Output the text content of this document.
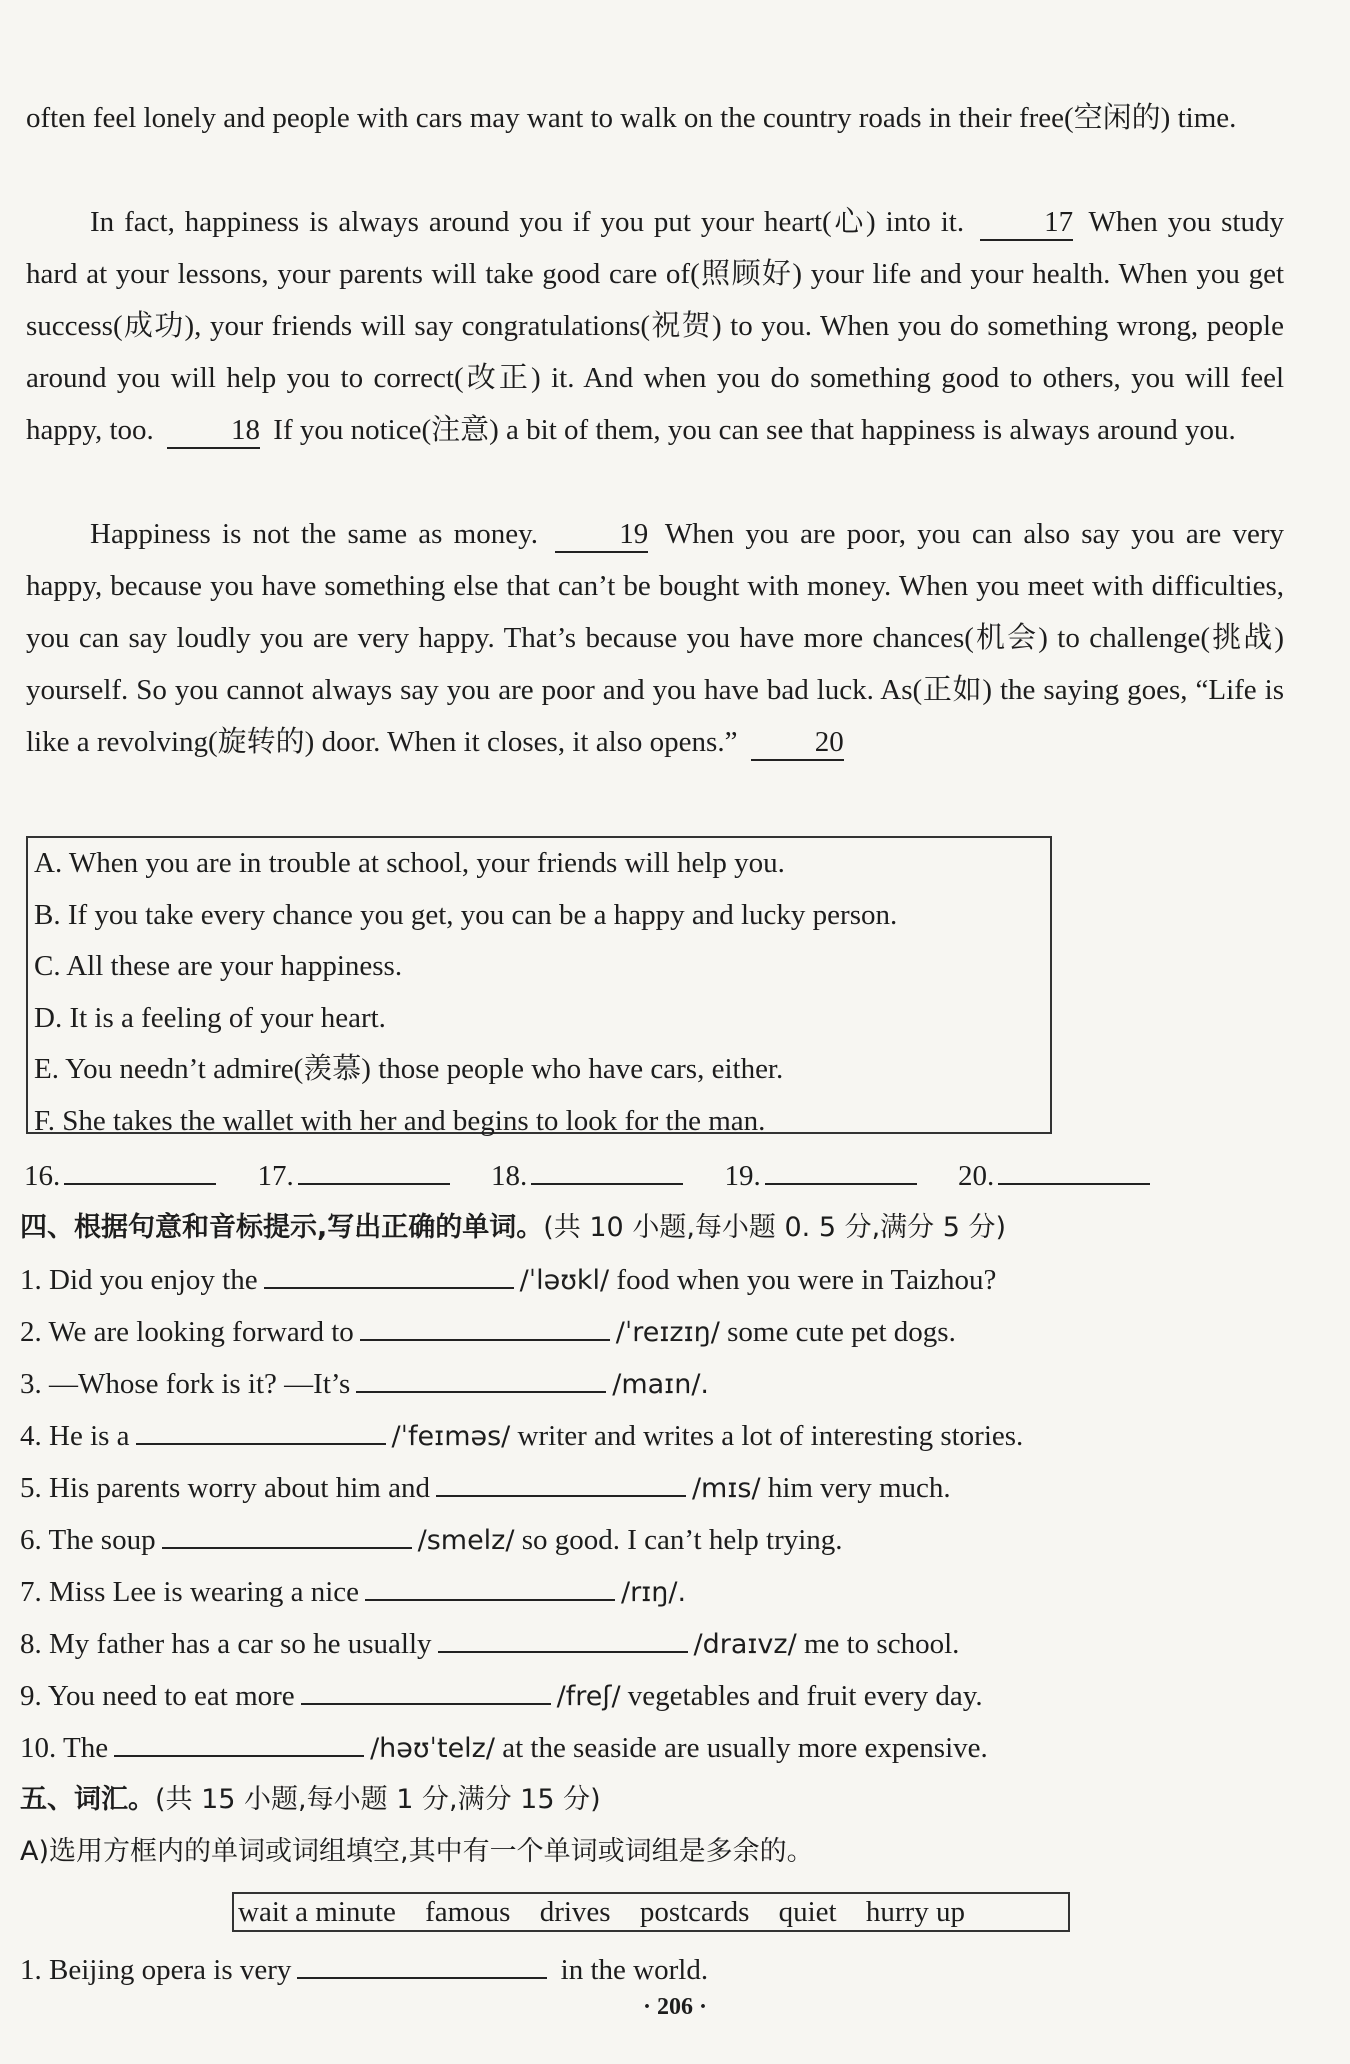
often feel lonely and people with cars may want to walk on the country roads in their free(空闲的) time.
In fact, happiness is always around you if you put your heart(心) into it.	17 When you study hard at your lessons, your parents will take good care of(照顾好) your life and your health. When you get success(成功), your friends will say congratulations(祝贺) to you. When you do something wrong, people around you will help you to correct(改正) it. And when you do something good to others, you will feel happy, too.	18 If you notice(注意) a bit of them, you can see that happiness is always around you.
Happiness is not the same as money.	19 When you are poor, you can also say you are very happy, because you have something else that can’t be bought with money. When you meet with difficulties, you can say loudly you are very happy. That’s because you have more chances(机会) to challenge(挑战) yourself. So you cannot always say you are poor and you have bad luck. As(正如) the saying goes, “Life is like a revolving(旋转的) door. When it closes, it also opens.”	20
A. When you are in trouble at school, your friends will help you.
B. If you take every chance you get, you can be a happy and lucky person.
C. All these are your happiness.
D. It is a feeling of your heart.
E. You needn’t admire(羡慕) those people who have cars, either.
F. She takes the wallet with her and begins to look for the man.
16.	17.	18.	19.	20.
四、根据句意和音标提示,写出正确的单词。(共 10 小题,每小题 0. 5 分,满分 5 分)
1. Did you enjoy the	/ˈləʊkl/ food when you were in Taizhou?
2. We are looking forward to	/ˈreɪzɪŋ/ some cute pet dogs.
3. —Whose fork is it? —It’s	/maɪn/.
4. He is a	/ˈfeɪməs/ writer and writes a lot of interesting stories.
5. His parents worry about him and	/mɪs/ him very much.
6. The soup	/smelz/ so good. I can’t help trying.
7. Miss Lee is wearing a nice	/rɪŋ/.
8. My father has a car so he usually	/draɪvz/ me to school.
9. You need to eat more	/freʃ/ vegetables and fruit every day.
10. The	/həʊˈtelz/ at the seaside are usually more expensive.
五、词汇。(共 15 小题,每小题 1 分,满分 15 分)
A)选用方框内的单词或词组填空,其中有一个单词或词组是多余的。
wait a minute famous drives postcards quiet hurry up
1. Beijing opera is very	in the world.
· 206 ·
